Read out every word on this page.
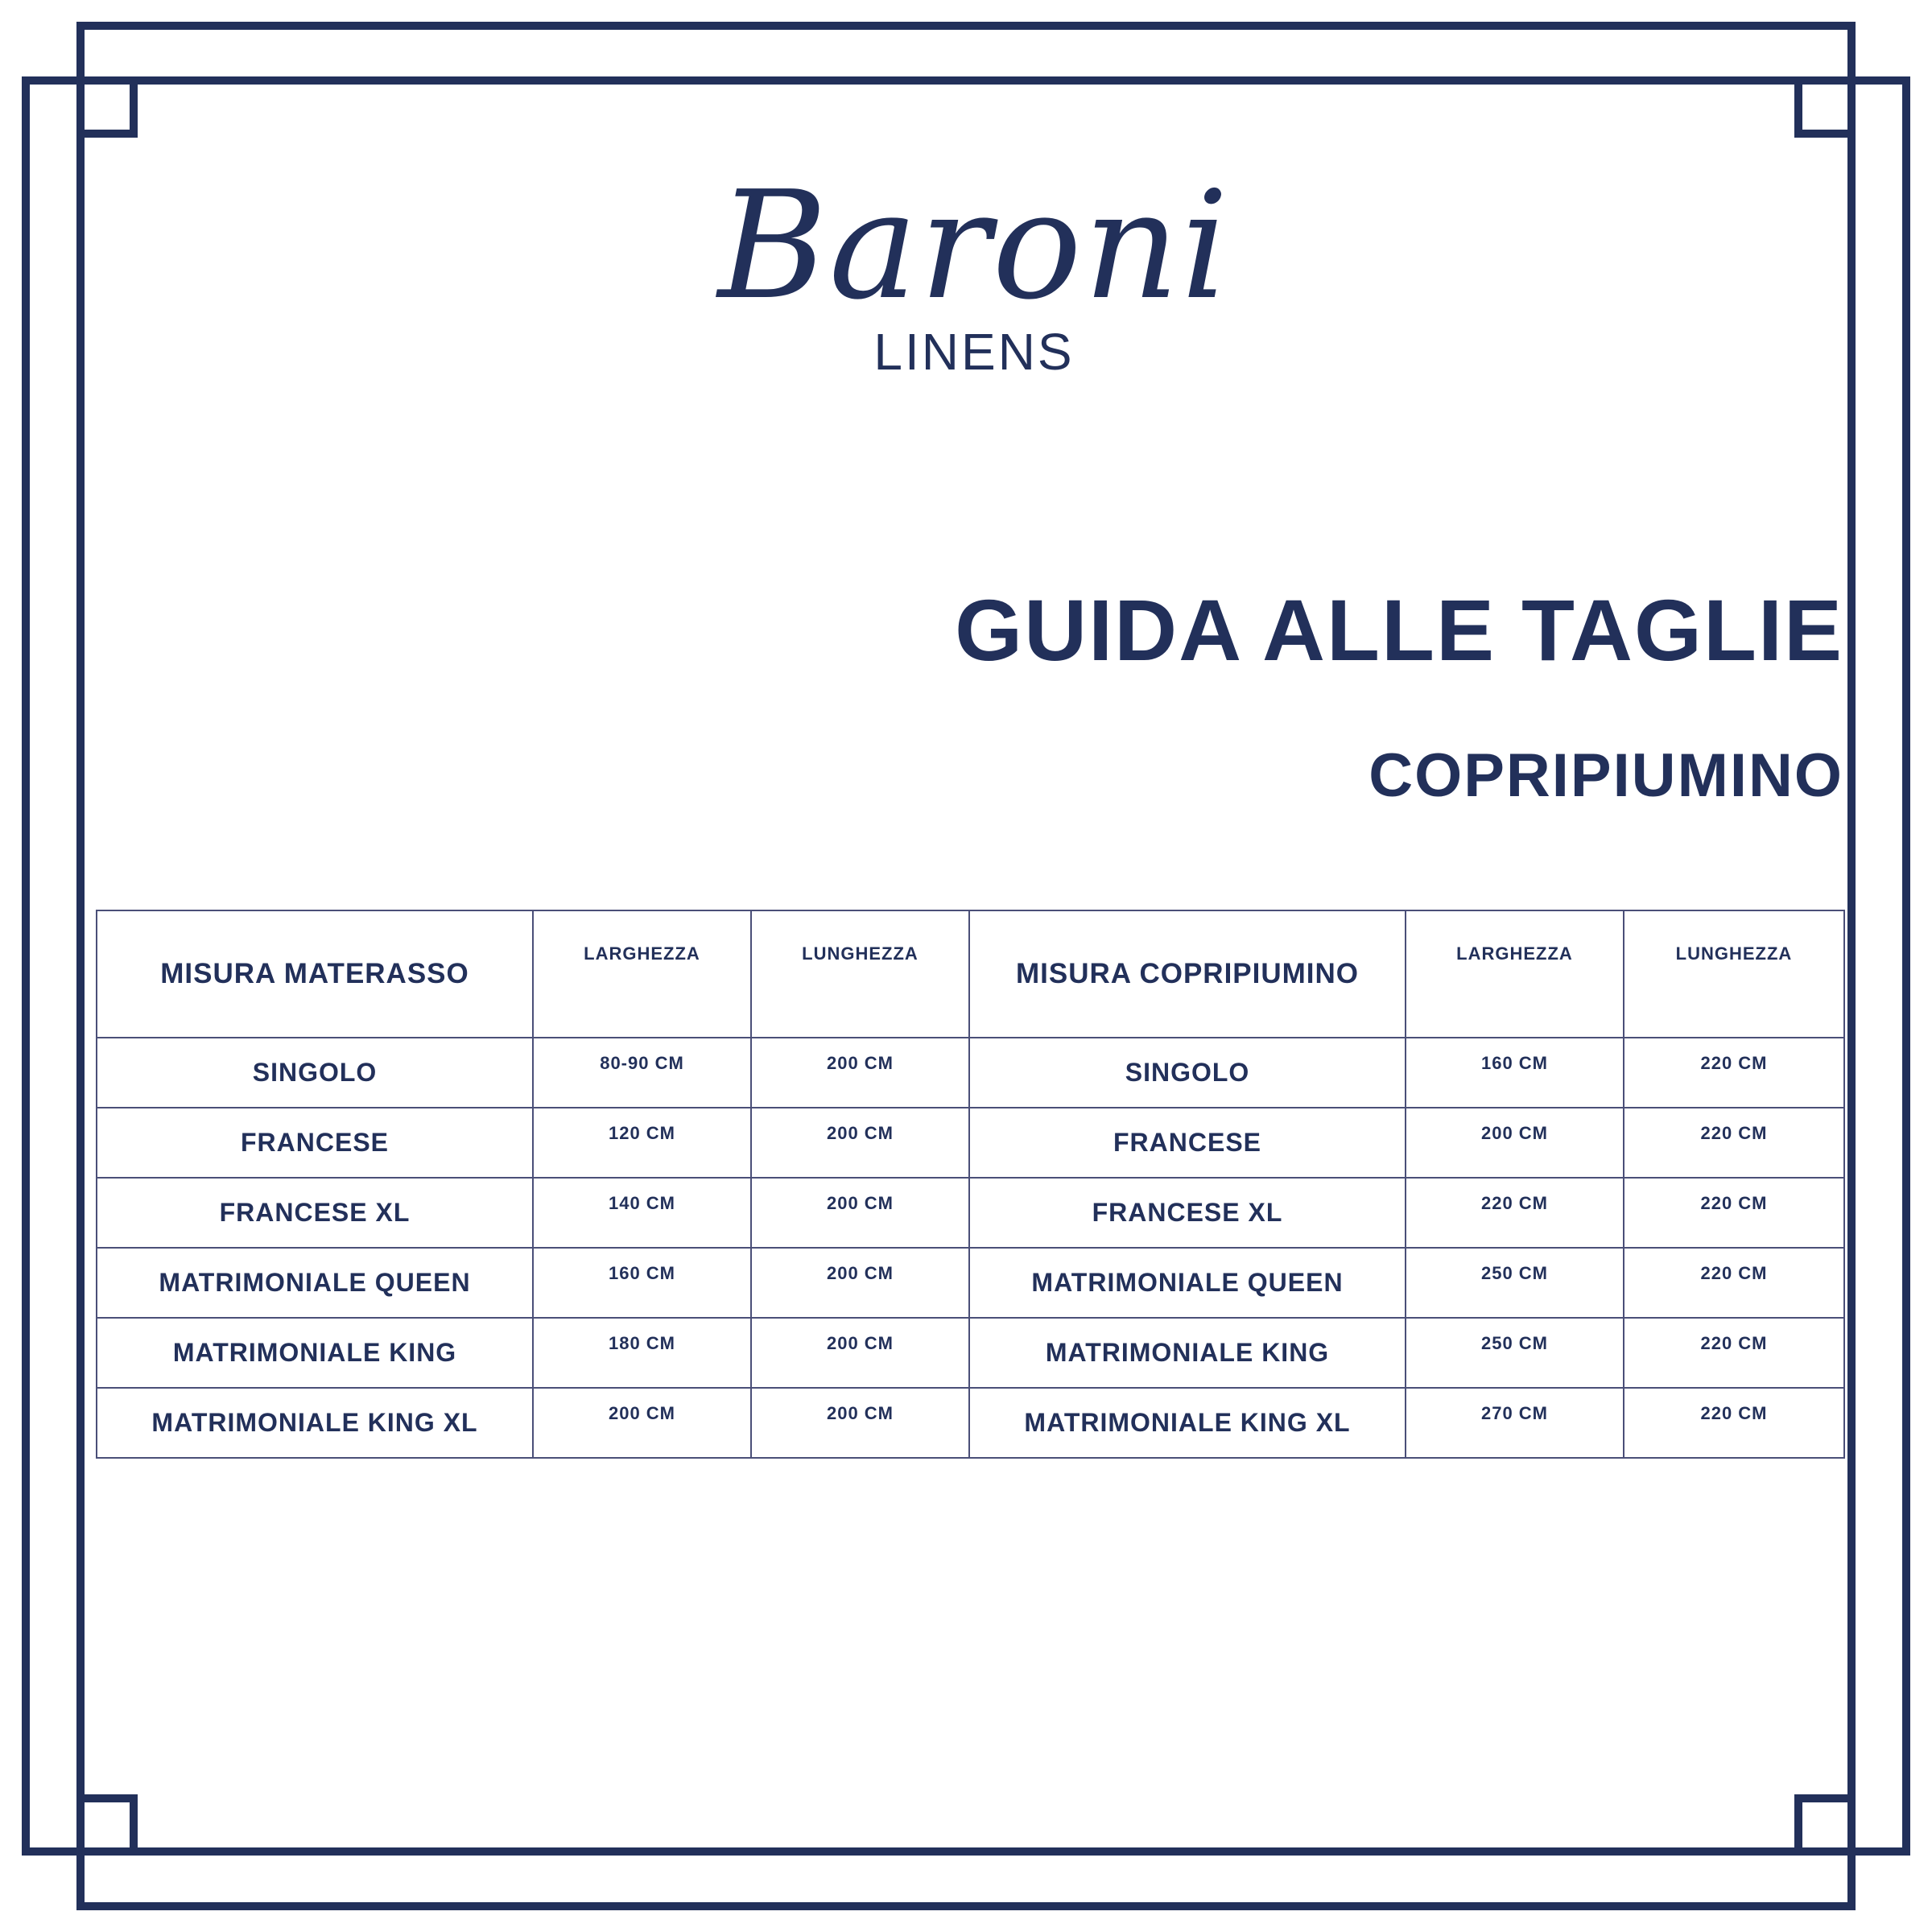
Baroni
LINENS
GUIDA ALLE TAGLIE
COPRIPIUMINO
MISURA MATERASSO	LARGHEZZA	LUNGHEZZA	MISURA COPRIPIUMINO	LARGHEZZA	LUNGHEZZA
SINGOLO	80-90 CM	200 CM	SINGOLO	160 CM	220 CM
FRANCESE	120 CM	200 CM	FRANCESE	200 CM	220 CM
FRANCESE XL	140 CM	200 CM	FRANCESE XL	220 CM	220 CM
MATRIMONIALE QUEEN	160 CM	200 CM	MATRIMONIALE QUEEN	250 CM	220 CM
MATRIMONIALE KING	180 CM	200 CM	MATRIMONIALE KING	250 CM	220 CM
MATRIMONIALE KING XL	200 CM	200 CM	MATRIMONIALE KING XL	270 CM	220 CM
